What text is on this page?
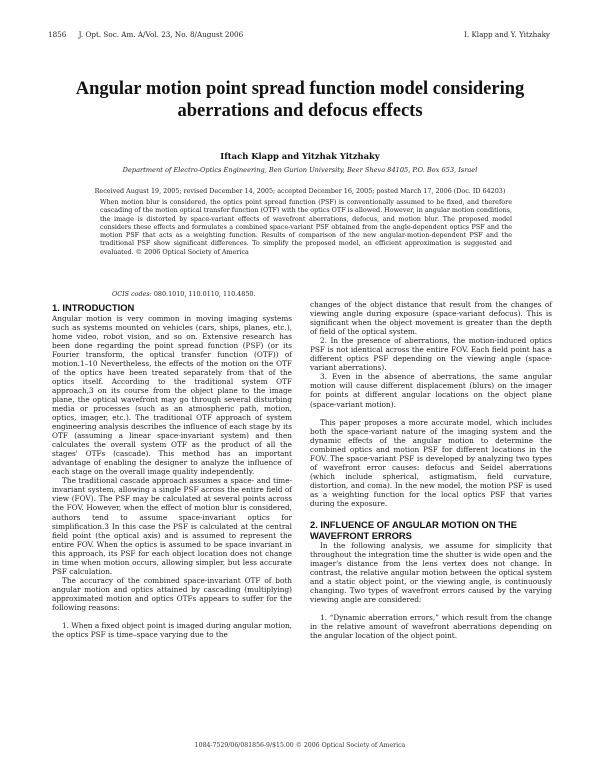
1856 J. Opt. Soc. Am. A/Vol. 23, No. 8/August 2006	I. Klapp and Y. Yitzhaky
Angular motion point spread function model considering aberrations and defocus effects
Iftach Klapp and Yitzhak Yitzhaky
Department of Electro-Optics Engineering, Ben Gurion University, Beer Sheva 84105, P.O. Box 653, Israel
Received August 19, 2005; revised December 14, 2005; accepted December 16, 2005; posted March 17, 2006 (Doc. ID 64203)
When motion blur is considered, the optics point spread function (PSF) is conventionally assumed to be fixed, and therefore cascading of the motion optical transfer function (OTF) with the optics OTF is allowed. However, in angular motion conditions, the image is distorted by space-variant effects of wavefront aberrations, defocus, and motion blur. The proposed model considers these effects and formulates a combined space-variant PSF obtained from the angle-dependent optics PSF and the motion PSF that acts as a weighting function. Results of comparison of the new angular-motion-dependent PSF and the traditional PSF show significant differences. To simplify the proposed model, an efficient approximation is suggested and evaluated. © 2006 Optical Society of America
OCIS codes: 080.1010, 110.0110, 110.4850.

1. INTRODUCTION

Angular motion is very common in moving imaging systems such as systems mounted on vehicles (cars, ships, planes, etc.), home video, robot vision, and so on. Extensive research has been done regarding the point spread function (PSF) (or its Fourier transform, the optical transfer function (OTF)) of motion.1–10 Nevertheless, the effects of the motion on the OTF of the optics have been treated separately from that of the optics itself. According to the traditional system OTF approach,3 on its course from the object plane to the image plane, the optical wavefront may go through several disturbing media or processes (such as an atmospheric path, motion, optics, imager, etc.). The traditional OTF approach of system engineering analysis describes the influence of each stage by its OTF (assuming a linear space-invariant system) and then calculates the overall system OTF as the product of all the stages' OTFs (cascade). This method has an important advantage of enabling the designer to analyze the influence of each stage on the overall image quality independently.

The traditional cascade approach assumes a space- and time-invariant system, allowing a single PSF across the entire field of view (FOV). The PSF may be calculated at several points across the FOV. However, when the effect of motion blur is considered, authors tend to assume space-invariant optics for simplification.3 In this case the PSF is calculated at the central field point (the optical axis) and is assumed to represent the entire FOV. When the optics is assumed to be space invariant in this approach, its PSF for each object location does not change in time when motion occurs, allowing simpler, but less accurate PSF calculation.

The accuracy of the combined space-invariant OTF of both angular motion and optics attained by cascading (multiplying) approximated motion and optics OTFs appears to suffer for the following reasons:

1. When a fixed object point is imaged during angular motion, the optics PSF is time–space varying due to the

changes of the object distance that result from the changes of viewing angle during exposure (space-variant defocus). This is significant when the object movement is greater than the depth of field of the optical system.

2. In the presence of aberrations, the motion-induced optics PSF is not identical across the entire FOV. Each field point has a different optics PSF depending on the viewing angle (space-variant aberrations).

3. Even in the absence of aberrations, the same angular motion will cause different displacement (blurs) on the imager for points at different angular locations on the object plane (space-variant motion).

This paper proposes a more accurate model, which includes both the space-variant nature of the imaging system and the dynamic effects of the angular motion to determine the combined optics and motion PSF for different locations in the FOV. The space-variant PSF is developed by analyzing two types of wavefront error causes: defocus and Seidel aberrations (which include spherical, astigmatism, field curvature, distortion, and coma). In the new model, the motion PSF is used as a weighting function for the local optics PSF that varies during the exposure.

2. INFLUENCE OF ANGULAR MOTION ON THE WAVEFRONT ERRORS

In the following analysis, we assume for simplicity that throughout the integration time the shutter is wide open and the imager's distance from the lens vertex does not change. In contrast, the relative angular motion between the optical system and a static object point, or the viewing angle, is continuously changing. Two types of wavefront errors caused by the varying viewing angle are considered:

1. “Dynamic aberration errors,” which result from the change in the relative amount of wavefront aberrations depending on the angular location of the object point.

1084-7529/06/081856-9/$15.00 © 2006 Optical Society of America
